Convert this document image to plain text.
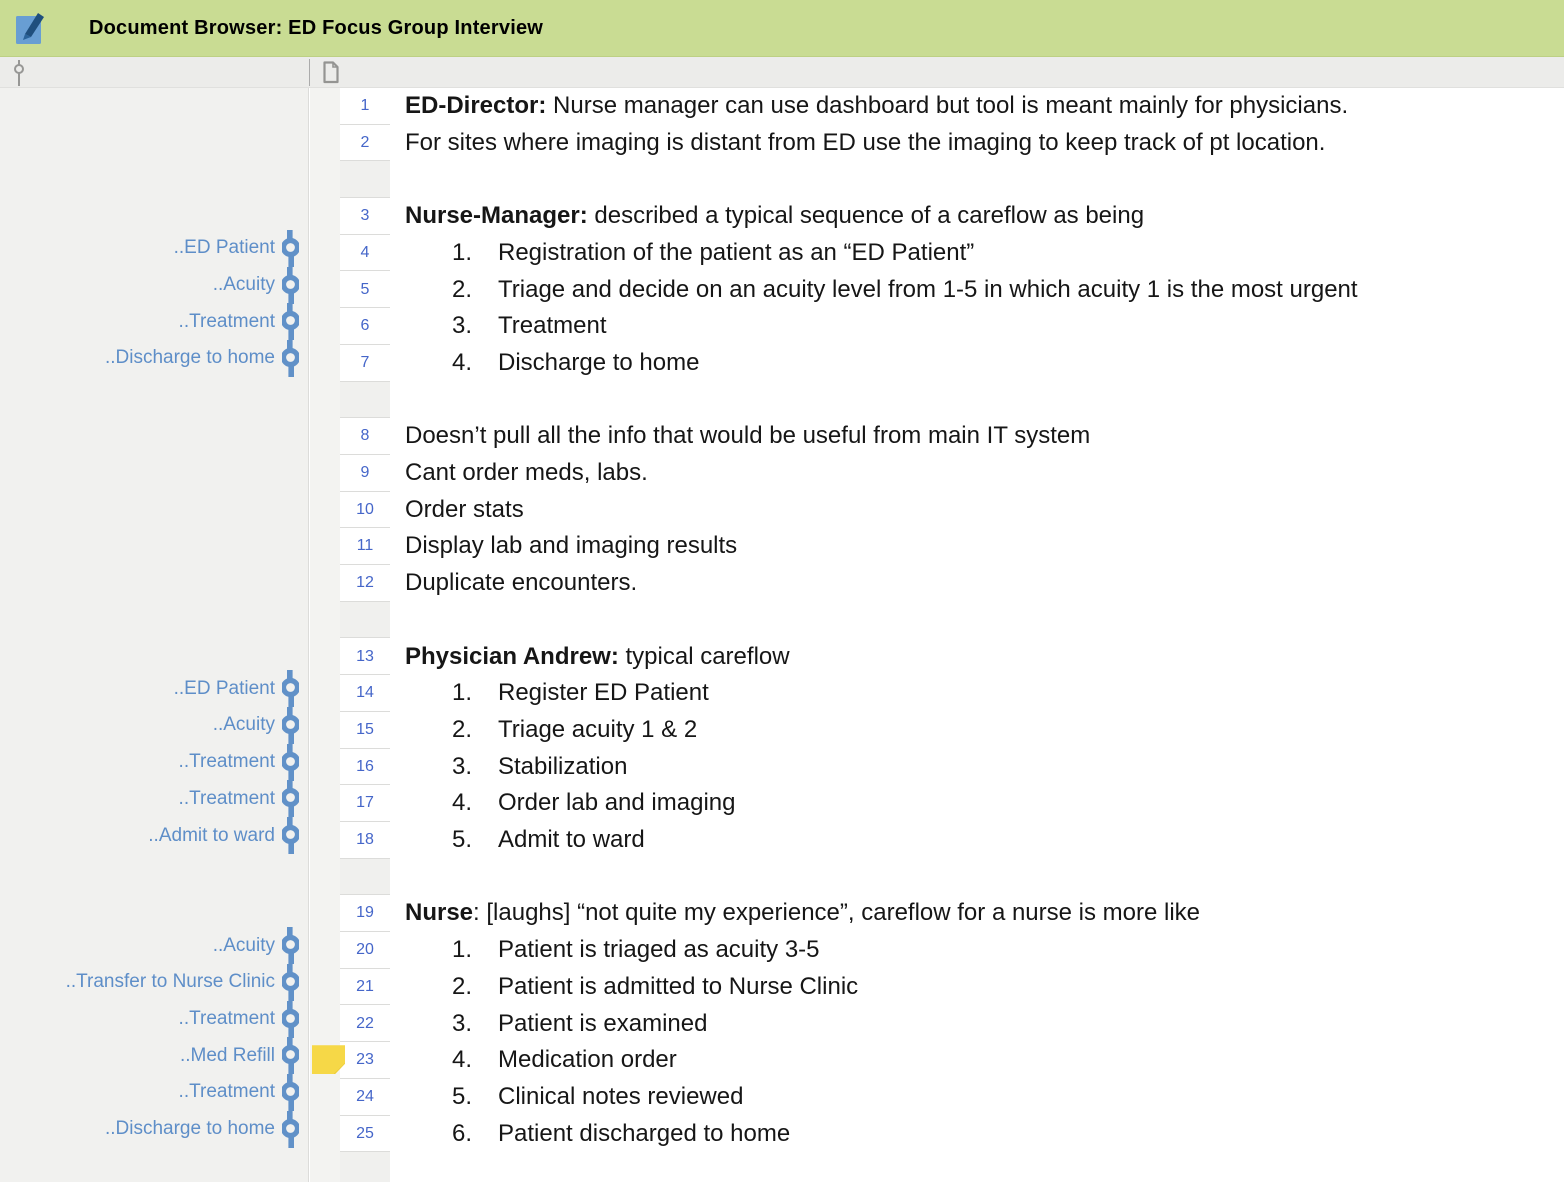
Document Browser: ED Focus Group Interview
..ED Patient
..Acuity
..Treatment
..Discharge to home
..ED Patient
..Acuity
..Treatment
..Treatment
..Admit to ward
..Acuity
..Transfer to Nurse Clinic
..Treatment
..Med Refill
..Treatment
..Discharge to home
1
2
3
4
5
6
7
8
9
10
11
12
13
14
15
16
17
18
19
20
21
22
23
24
25
ED-Director: Nurse manager can use dashboard but tool is meant mainly for physicians.
For sites where imaging is distant from ED use the imaging to keep track of pt location.
Nurse-Manager: described a typical sequence of a careflow as being
1. Registration of the patient as an “ED Patient”
2. Triage and decide on an acuity level from 1-5 in which acuity 1 is the most urgent
3. Treatment
4. Discharge to home
Doesn’t pull all the info that would be useful from main IT system
Cant order meds, labs.
Order stats
Display lab and imaging results
Duplicate encounters.
Physician Andrew: typical careflow
1. Register ED Patient
2. Triage acuity 1 & 2
3. Stabilization
4. Order lab and imaging
5. Admit to ward
Nurse: [laughs] “not quite my experience”, careflow for a nurse is more like
1. Patient is triaged as acuity 3-5
2. Patient is admitted to Nurse Clinic
3. Patient is examined
4. Medication order
5. Clinical notes reviewed
6. Patient discharged to home
